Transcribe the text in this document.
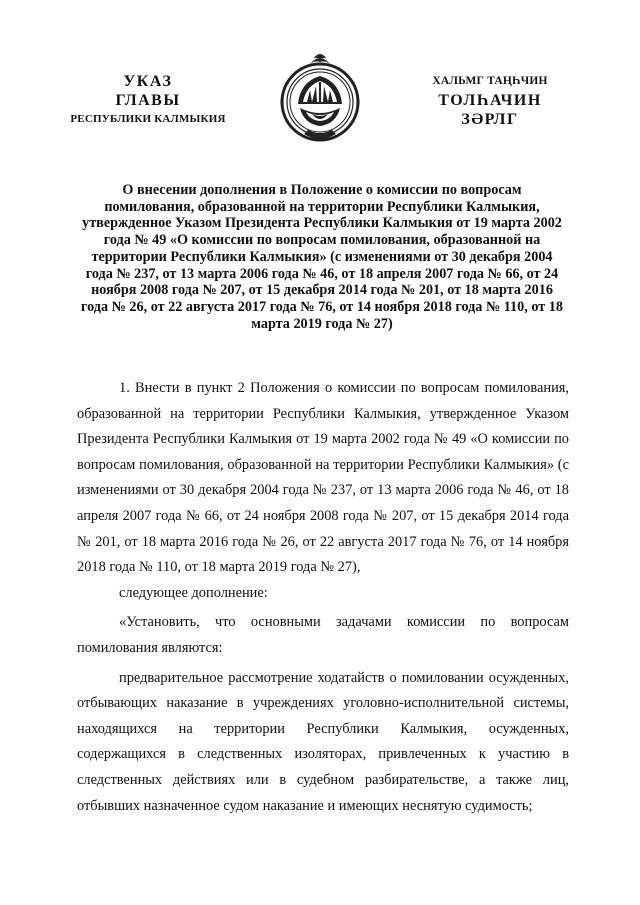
УКАЗ
ГЛАВЫ
РЕСПУБЛИКИ КАЛМЫКИЯ
ХАЛЬМГ ТАҢҺЧИН
ТОЛҺАЧИН
ЗӘРЛГ
О внесении дополнения в Положение о комиссии по вопросам помилования, образованной на территории Республики Калмыкия, утвержденное Указом Президента Республики Калмыкия от 19 марта 2002 года № 49 «О комиссии по вопросам помилования, образованной на территории Республики Калмыкия» (с изменениями от 30 декабря 2004 года № 237, от 13 марта 2006 года № 46, от 18 апреля 2007 года № 66, от 24 ноября 2008 года № 207, от 15 декабря 2014 года № 201, от 18 марта 2016 года № 26, от 22 августа 2017 года № 76, от 14 ноября 2018 года № 110, от 18 марта 2019 года № 27)

1. Внести в пункт 2 Положения о комиссии по вопросам помилования, образованной на территории Республики Калмыкия, утвержденное Указом Президента Республики Калмыкия от 19 марта 2002 года № 49 «О комиссии по вопросам помилования, образованной на территории Республики Калмыкия» (с изменениями от 30 декабря 2004 года № 237, от 13 марта 2006 года № 46, от 18 апреля 2007 года № 66, от 24 ноября 2008 года № 207, от 15 декабря 2014 года № 201, от 18 марта 2016 года № 26, от 22 августа 2017 года № 76, от 14 ноября 2018 года № 110, от 18 марта 2019 года № 27),

следующее дополнение:

«Установить, что основными задачами комиссии по вопросам помилования являются:

предварительное рассмотрение ходатайств о помиловании осужденных, отбывающих наказание в учреждениях уголовно-исполнительной системы, находящихся на территории Республики Калмыкия, осужденных, содержащихся в следственных изоляторах, привлеченных к участию в следственных действиях или в судебном разбирательстве, а также лиц, отбывших назначенное судом наказание и имеющих неснятую судимость;
